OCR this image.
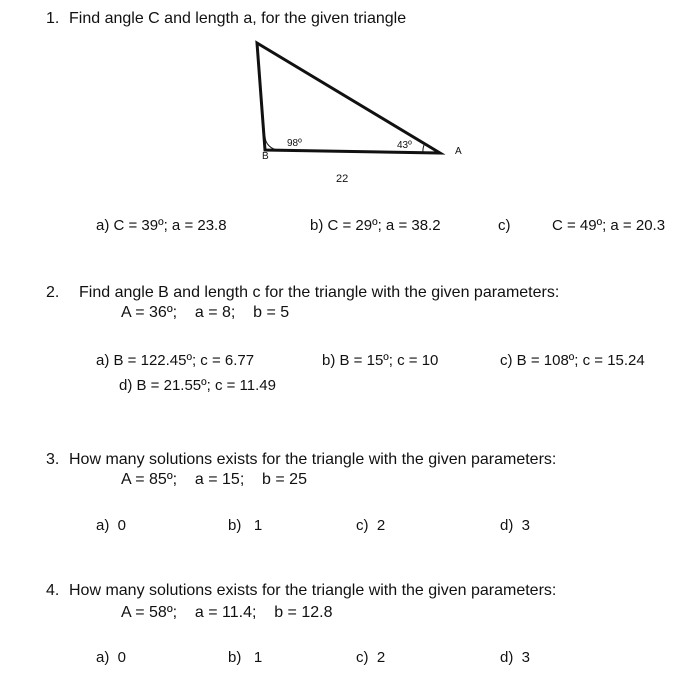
1. Find angle C and length a, for the given triangle
98º	43º
B	A
22
a) C = 39º; a = 23.8	b) C = 29º; a = 38.2	c)	C = 49º; a = 20.3
2. Find angle B and length c for the triangle with the given parameters:
A = 36º;    a = 8;    b = 5
a) B = 122.45º; c = 6.77	b) B = 15º; c = 10	c) B = 108º; c = 15.24
d) B = 21.55º; c = 11.49
3. How many solutions exists for the triangle with the given parameters:
A = 85º;    a = 15;    b = 25
a)  0	b)   1	c)  2	d)  3
4. How many solutions exists for the triangle with the given parameters:
A = 58º;    a = 11.4;    b = 12.8
a)  0	b)   1	c)  2	d)  3
